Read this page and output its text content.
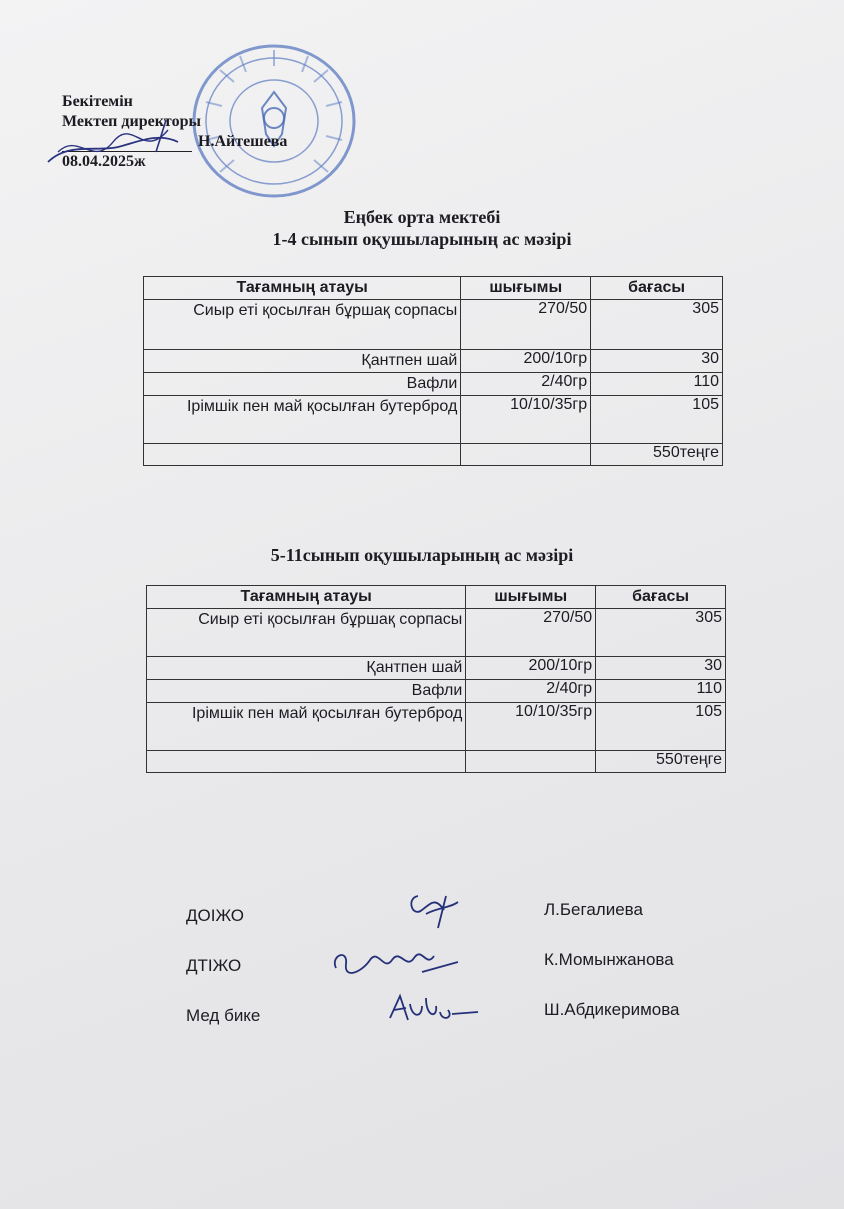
Бекітемін
Мектеп директоры
Н.Айтешева
08.04.2025ж
Еңбек орта мектебі
1-4 сынып оқушыларының ас мәзірі
Тағамның атауы	шығымы	бағасы
Сиыр еті қосылған бұршақ сорпасы	270/50	305
Қантпен шай	200/10гр	30
Вафли	2/40гр	110
Ірімшік пен май қосылған бутерброд	10/10/35гр	105
		550теңге
5-11сынып оқушыларының ас мәзірі
Тағамның атауы	шығымы	бағасы
Сиыр еті қосылған бұршақ сорпасы	270/50	305
Қантпен шай	200/10гр	30
Вафли	2/40гр	110
Ірімшік пен май қосылған бутерброд	10/10/35гр	105
		550теңге
ДОІЖО	Л.Бегалиева
ДТІЖО	К.Момынжанова
Мед бике	Ш.Абдикеримова
